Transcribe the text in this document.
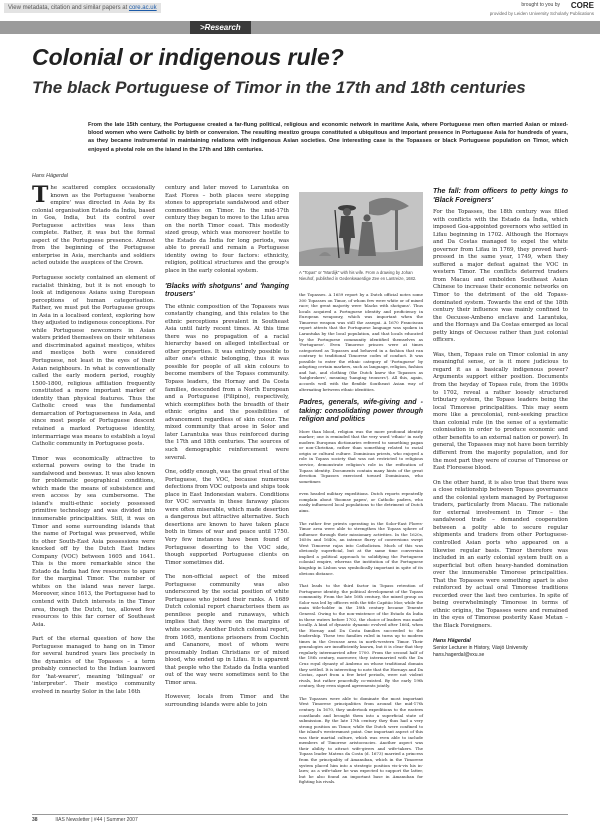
View metadata, citation and similar papers at core.ac.uk	brought to you by CORE
provided by Leiden University Scholarly Publications
>Research
Colonial or indigenous rule?
The black Portuguese of Timor in the 17th and 18th centuries

From the late 15th century, the Portuguese created a far-flung political, religious and economic network in maritime Asia, where Portuguese men often married Asian or mixed-blood women who were Catholic by birth or conversion. The resulting mestizo groups constituted a ubiquitous and important presence in Portuguese Asia for hundreds of years, as they became instrumental in maintaining relations with indigenous Asian societies. One interesting case is the Topasses or black Portuguese population on Timor, which enjoyed a pivotal role on the island in the 17th and 18th centuries.

Hans Hägerdal

The scattered complex occasionally known as the Portuguese 'seaborne empire' was directed in Asia by its colonial organisation Estado da Índia, based in Goa, India, but its control over Portuguese activities was less than complete. Rather, it was but the formal aspect of the Portuguese presence. Almost from the beginning of the Portuguese enterprise in Asia, merchants and soldiers acted outside the auspices of the Crown.

Portuguese society contained an element of racialist thinking, but it is not enough to look at indigenous Asians using European perceptions of human categorisation. Rather, we must put the Portuguese groups in Asia in a localised context, exploring how they adjusted to indigenous conceptions. For while Portuguese newcomers in Asian waters prided themselves on their whiteness and discriminated against mestiços, whites and mestiços both were considered Portuguese, not least in the eyes of their Asian neighbours. In what is conventionally called the early modern period, roughly 1500-1800, religious affiliation frequently constituted a more important marker of identity than physical features. Thus the Catholic creed was the fundamental demarcation of Portugueseness in Asia, and since most people of Portuguese descent retained a marked Portuguese identity, intermarriage was means to establish a loyal Catholic community in Portuguese posts.

Timor was economically attractive to external powers owing to the trade in sandalwood and beeswax. It was also known for problematic geographical conditions, which made the means of subsistence and even access by sea cumbersome. The island's multi-ethnic society possessed primitive technology and was divided into innumerable principalities. Still, it was on Timor and some surrounding islands that the name of Portugal was preserved, while its other South-East Asia possessions were knocked off by the Dutch East Indies Company (VOC) between 1605 and 1641. This is the more remarkable since the Estado da Índia had few resources to spare for the marginal Timor. The number of whites on the island was never large. Moreover, since 1613, the Portuguese had to contend with Dutch interests in the Timor area, though the Dutch, too, allowed few resources to this far corner of Southeast Asia.

Part of the eternal question of how the Portuguese managed to hang on in Timor for several hundred years lies precisely in the dynamics of the Topasses – a term probably connected to the Indian loanword for 'hat-wearer', meaning 'bilingual' or 'interpreter'. Their mestiço community evolved in nearby Solor in the late 16th

century and later moved to Larantuka on East Flores – both places were stepping stones to appropriate sandalwood and other commodities on Timor. In the mid-17th century they began to move to the Lifau area on the north Timor coast. This modestly sized group, which was moreover hostile to the Estado da Índia for long periods, was able to prevail and remain a Portuguese identity owing to four factors: ethnicity, religion, political structures and the group's place in the early colonial system.

'Blacks with shotguns' and 'hanging trousers'

The ethnic composition of the Topasses was constantly changing, and this relates to the ethnic perceptions prevalent in Southeast Asia until fairly recent times. At this time there was no propagation of a racial hierarchy based on alleged intellectual or other properties. It was entirely possible to alter one's ethnic belonging, thus it was possible for people of all skin colours to become members of the Topass community. Topass leaders, the Hornay and Da Costa families, descended from a North European and a Portuguese (Filipino), respectively, which exemplifies both the breadth of their ethnic origins and the possibilities of advancement regardless of skin colour. The mixed community that arose in Solor and later Larantuka was thus reinforced during the 17th and 18th centuries. The sources of such demographic reinforcement were several.

One, oddly enough, was the great rival of the Portuguese, the VOC, because numerous defections from VOC outposts and ships took place in East Indonesian waters. Conditions for VOC servants in these faraway places were often miserable, which made desertion a dangerous but attractive alternative. Such desertions are known to have taken place both in times of war and peace until 1750. Very few instances have been found of Portuguese deserting to the VOC side, though supported Portuguese clients on Timor sometimes did.

The non-official aspect of the mixed Portuguese community was also underscored by the social position of white Portuguese who joined their ranks. A 1689 Dutch colonial report characterises them as penniless people and runaways, which implies that they were on the margins of white society. Another Dutch colonial report, from 1665, mentions prisoners from Cochin and Cananore, most of whom were presumably Indian Christians or of mixed blood, who ended up in Lifau. It is apparent that people who the Estado da Índia wanted out of the way were sometimes sent to the Timor area.

However, locals from Timor and the surrounding islands were able to join

A "Topas" or "Mardijk" with his wife. From a drawing by Johan Nieuhof, published in Gedenkwaerdige Zee en Lantreize, 1682.

the Topasses. A 1659 report by a Dutch official notes some 300 Topasses on Timor, of whom few were white or of mixed race; the great majority were 'blacks with shotguns'. Thus locals acquired a Portuguese identity and proficiency in European weaponry, which was important when the Timorese weapon was still the assegai. A 1670 Franciscan report attests that the Portuguese language was spoken in Larantuka by the local population, and that locals educated by the Portuguese community identified themselves as 'Portuguese'. Even Timorese princes were at times categorised as Topasses and behaved in a fashion that ran contrary to traditional Timorese codes of conduct. It was possible to enter the ethnic category of 'Portuguese' by adopting certain markers, such as language, religion, fashion and hat, and clothing (the Dutch knew the Topasses as 'hatgbrokers', meaning 'hanging trousers'). All this, again, accords well with the flexible Southeast Asian way of alternating between ethnic identities.

Padres, generals, wife-giving and -taking: consolidating power through religion and politics

More than blood, religion was the more profound identity marker; one is reminded that the very word 'ethnic' in early modern European dictionaries referred to something pagan or non-Christian, rather than something related to racial origin or cultural culture. Dominican priests, who enjoyed a role in Topass society that was not restricted to religious service, demonstrate religion's role in the reification of Topass identity. Documents contain many hints of the great devotion Topasses exercised toward Dominicans, who sometimes

even headed military expeditions. Dutch reports repeatedly complain about 'Boomse papen', or Catholic padres, who easily influenced local populations to the detriment of Dutch aims.

The rather few priests operating in the Solor-East Flores-Timor area were able to strengthen the Topass sphere of influence through their missionary activities. In the 1620s, 1650s and 1640s, an intense flurry of conversions swept West Timorese rajas into Catholicism. Much of this was obviously superficial, but at the same time conversion implied a political approach to solidifying the Portuguese colonial empire, whereas the institution of the Portuguese kingship in Lisbon was symbolically important in spite of its obvious distance.

That leads to the third factor in Topass retention of Portuguese identity, the political development of the Topass community. From the late 16th century, the mixed group on Solor was led by officers with the title Capitão Mor, while the main title-holder in the 18th century became Tenente General. Owing to the non-existence of the Estado da Índia in these waters before 1702, the choice of leaders was made locally. A kind of dynastic dynamic evolved after 1664, when the Hornay and Da Costa families succeeded to the leadership. These two families ruled in turns up to modern times in the Oecusse area in north-western Timor. Their genealogies are insufficiently known, but it is clear that they regularly intermarried after 1700. From the second half of the 18th century, moreover, they intermarried with the Da Cruz royal dynasty of Ambeno on whose traditional domain they settled. It is interesting to note that the Hornays and Da Costas, apart from a few brief periods, were not violent rivals, but rather peacefully co-existed. By the early 19th century, they even signed agreements jointly.

The Topasses were able to dominate the most important West Timorese principalities from around the mid-17th century. In 1670, they undertook expeditions to the eastern coastlands and brought them into a superficial state of submission. By the late 17th century they thus had a very strong position on Timor, while the Dutch were confined to the island's westernmost point. One important aspect of this was their martial culture, which was even able to include members of Timorese aristocracies. Another aspect was their ability to attract wife-givers and wife-takers. The Topass leader Mateus da Costa (d. 1673) married a princess from the principality of Amanuban, which in the Timorese system placed him into a strategic position vis-à-vis his in-laws; as a wife-taker he was expected to support the latter, but he also found an important base in Amanuban for fighting his rivals.

The fall: from officers to petty kings to 'Black Foreigners'

For the Topasses, the 18th century was filled with conflicts with the Estado da Índia, which imposed Goa-appointed governors who settled in Lifau beginning in 1702. Although the Hornays and Da Costas managed to expel the white governor from Lifau in 1769, they proved hard-pressed in the same year, 1749, when they suffered a major defeat against the VOC in western Timor. The conflicts deterred traders from Macau and embolden Southeast Asian Chinese to increase their economic networks on Timor to the detriment of the old Topass-dominated system. Towards the end of the 18th century their influence was mainly confined to the Oecusse-Ambeno enclave and Larantuka, and the Hornays and Da Costas emerged as local petty kings of Oecusse rather than just colonial officers.

Was, then, Topass rule on Timor colonial in any meaningful sense, or is it more judicious to regard it as a basically indigenous power? Arguments support either position. Documents from the heyday of Topass rule, from the 1690s to 1702, reveal a rather loosely structured tributary system, the Topass leaders being the local Timorese principalities. This may seem more like a precolonial, rent-seeking practice than colonial rule (in the sense of a systematic colonisation in order to produce economic and other benefits to an external nation or power). In general, the Topasses may not have been terribly different from the majority population, and for the most part they were of course of Timorese or East Floresese blood.

On the other hand, it is also true that there was a close relationship between Topass governance and the colonial system managed by Portuguese traders, particularly from Macau. The rationale for external involvement in Timor – the sandalwood trade – demanded cooperation between a polity able to secure regular shipments and traders from other Portuguese-controlled Asian ports who appeared on a likewise regular basis. Timor therefore was included in an early colonial system built on a superficial but often heavy-handed domination over the innumerable Timorese principalities. That the Topasses were something apart is also reinforced by actual oral Timorese traditions recorded over the last two centuries. In spite of being overwhelmingly Timorese in terms of ethnic origins, the Topasses were and remained in the eyes of Timorese posterity Kase Metan – the Black Foreigners.

Hans Hägerdal
Senior Lecturer in History, Växjö University
hans.hagerdal@vxu.se
38	IIAS Newsletter | #44 | Summer 2007
